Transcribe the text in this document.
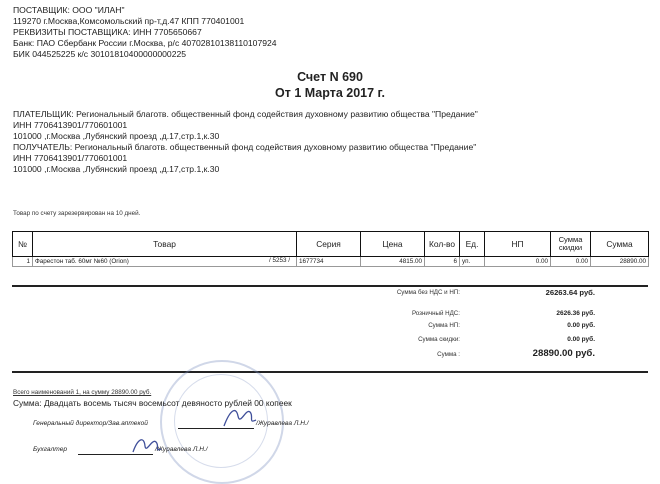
ПОСТАВЩИК: ООО "ИЛАН"
119270 г.Москва,Комсомольский пр-т,д.47 КПП 770401001
РЕКВИЗИТЫ ПОСТАВЩИКА: ИНН 7705650667
Банк: ПАО Сбербанк России г.Москва, р/с 40702810138110107924
БИК 044525225 к/с 30101810400000000225
Счет N 690
От 1 Марта 2017 г.
ПЛАТЕЛЬЩИК: Региональный благотв. общественный фонд содействия духовному развитию общества "Предание"
ИНН 7706413901/770601001
101000 ,г.Москва ,Лубянский проезд ,д.17,стр.1,к.30
ПОЛУЧАТЕЛЬ: Региональный благотв. общественный фонд содействия духовному развитию общества "Предание"
ИНН 7706413901/770601001
101000 ,г.Москва ,Лубянский проезд ,д.17,стр.1,к.30
Товар по счету зарезервирован на 10 дней.
№	Товар	Серия	Цена	Кол-во	Ед.	НП	Сумма скидки	Сумма
1	Фарестон таб. 60мг №60 (Orion) / 5253 /	1677734	4815.00	6	уп.	0.00	0.00	28890.00
Сумма без НДС и НП:	26263.64 руб.
Розничный НДС:	2626.36 руб.
Сумма НП:	0.00 руб.
Сумма скидки:	0.00 руб.
Сумма :	28890.00 руб.
Всего наименований 1, на сумму 28890.00 руб.
Сумма: Двадцать восемь тысяч восемьсот девяносто рублей 00 копеек
Генеральный директор/Зав.аптекой	/Журавлева Л.Н./
Бухгалтер	/Журавлева Л.Н./
